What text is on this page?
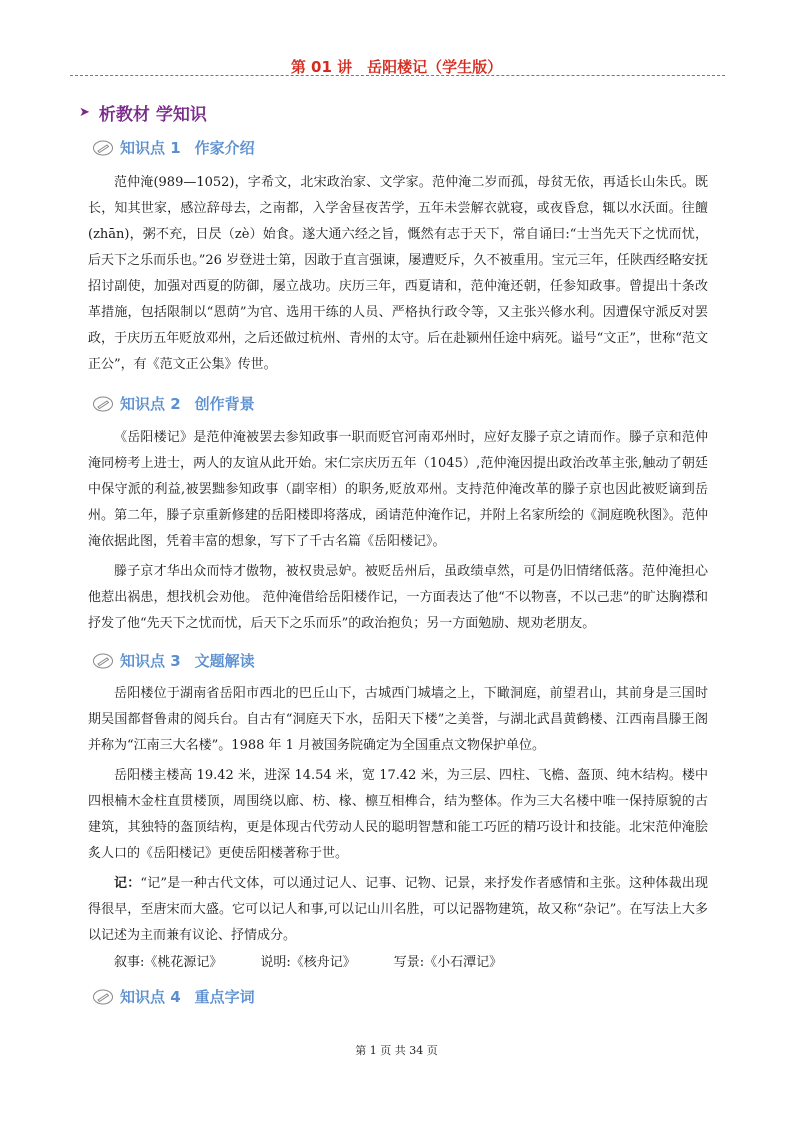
第 01 讲　岳阳楼记（学生版）
➤ 析教材 学知识
知识点 1 作家介绍

范仲淹(989—1052)，字希文，北宋政治家、文学家。范仲淹二岁而孤，母贫无依，再适长山朱氏。既长，知其世家，感泣辞母去，之南都，入学舍昼夜苦学，五年未尝解衣就寝，或夜昏怠，辄以水沃面。往饘(zhān)，粥不充，日昃（zè）始食。遂大通六经之旨，慨然有志于天下，常自诵曰:“士当先天下之忧而忧，后天下之乐而乐也。”26 岁登进士第，因敢于直言强谏，屡遭贬斥，久不被重用。宝元三年，任陕西经略安抚招讨副使，加强对西夏的防御，屡立战功。庆历三年，西夏请和，范仲淹还朝，任参知政事。曾提出十条改革措施，包括限制以“恩荫”为官、选用干练的人员、严格执行政令等，又主张兴修水利。因遭保守派反对罢政，于庆历五年贬放邓州，之后还做过杭州、青州的太守。后在赴颍州任途中病死。谥号“文正”，世称“范文正公”，有《范文正公集》传世。

知识点 2 创作背景

《岳阳楼记》是范仲淹被罢去参知政事一职而贬官河南邓州时，应好友滕子京之请而作。滕子京和范仲淹同榜考上进士，两人的友谊从此开始。宋仁宗庆历五年（1045）,范仲淹因提出政治改革主张,触动了朝廷中保守派的利益,被罢黜参知政事（副宰相）的职务,贬放邓州。支持范仲淹改革的滕子京也因此被贬谪到岳州。第二年，滕子京重新修建的岳阳楼即将落成，函请范仲淹作记，并附上名家所绘的《洞庭晚秋图》。范仲淹依据此图，凭着丰富的想象，写下了千古名篇《岳阳楼记》。

滕子京才华出众而恃才傲物，被权贵忌妒。被贬岳州后，虽政绩卓然，可是仍旧情绪低落。范仲淹担心他惹出祸患，想找机会劝他。 范仲淹借给岳阳楼作记，一方面表达了他“不以物喜，不以己悲”的旷达胸襟和抒发了他“先天下之忧而忧，后天下之乐而乐”的政治抱负；另一方面勉励、规劝老朋友。

知识点 3 文题解读

岳阳楼位于湖南省岳阳市西北的巴丘山下，古城西门城墙之上，下瞰洞庭，前望君山，其前身是三国时期吴国都督鲁肃的阅兵台。自古有“洞庭天下水，岳阳天下楼”之美誉，与湖北武昌黄鹤楼、江西南昌滕王阁并称为“江南三大名楼”。1988 年 1 月被国务院确定为全国重点文物保护单位。

岳阳楼主楼高 19.42 米，进深 14.54 米，宽 17.42 米，为三层、四柱、飞檐、盔顶、纯木结构。楼中四根楠木金柱直贯楼顶，周围绕以廊、枋、椽、檩互相榫合，结为整体。作为三大名楼中唯一保持原貌的古建筑，其独特的盔顶结构，更是体现古代劳动人民的聪明智慧和能工巧匠的精巧设计和技能。北宋范仲淹脍炙人口的《岳阳楼记》更使岳阳楼著称于世。

记：“记”是一种古代文体，可以通过记人、记事、记物、记景，来抒发作者感情和主张。这种体裁出现得很早，至唐宋而大盛。它可以记人和事,可以记山川名胜，可以记器物建筑，故又称“杂记”。在写法上大多以记述为主而兼有议论、抒情成分。

叙事:《桃花源记》	说明:《核舟记》	写景:《小石潭记》
知识点 4 重点字词
第 1 页 共 34 页
